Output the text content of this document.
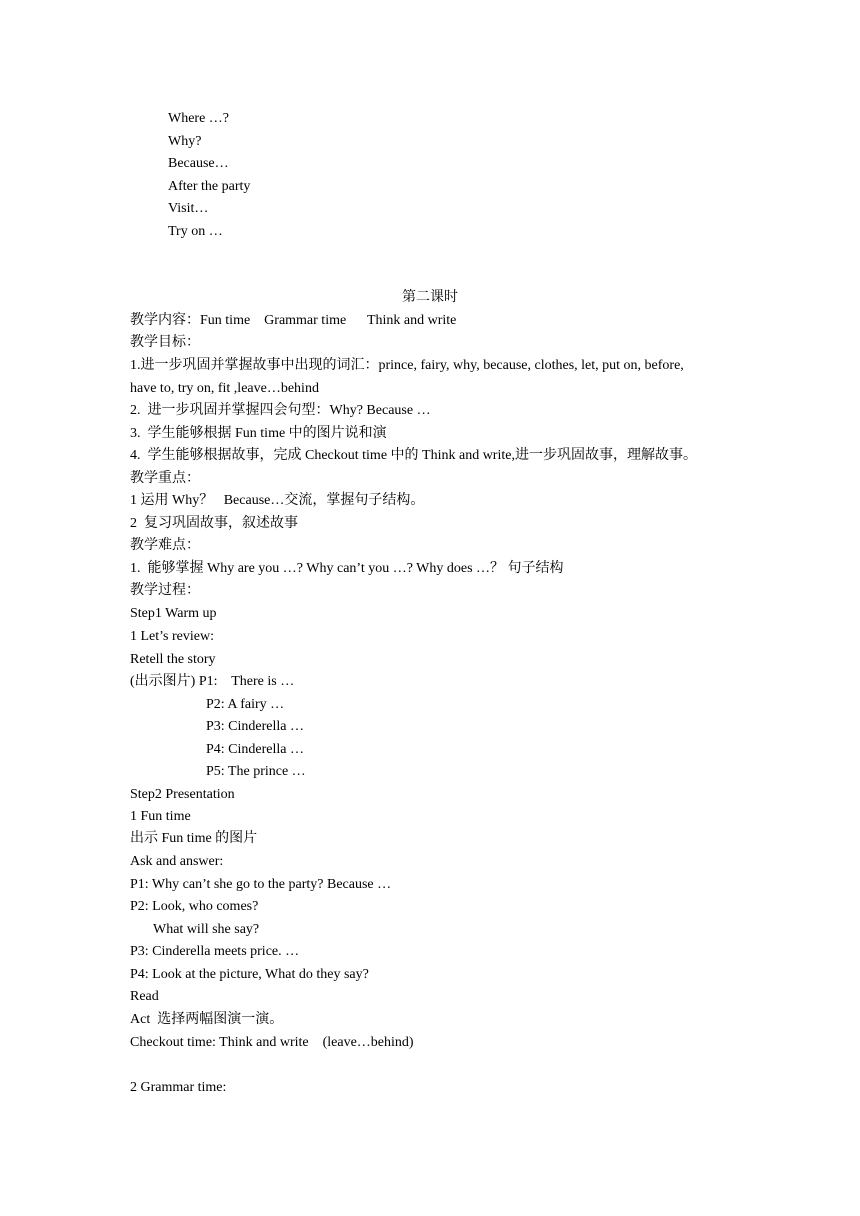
Where …?
Why?
Because…
After the party
Visit…
Try on …
第二课时
教学内容：Fun time    Grammar time      Think and write
教学目标：
1.进一步巩固并掌握故事中出现的词汇：prince, fairy, why, because, clothes, let, put on, before,
have to, try on, fit ,leave…behind
2.  进一步巩固并掌握四会句型：Why? Because …
3.  学生能够根据 Fun time 中的图片说和演
4.  学生能够根据故事，完成 Checkout time 中的 Think and write,进一步巩固故事，理解故事。
教学重点：
1 运用 Why？   Because…交流，掌握句子结构。
2  复习巩固故事，叙述故事
教学难点：
1.  能够掌握 Why are you …? Why can’t you …? Why does …？ 句子结构
教学过程：
Step1 Warm up
1 Let’s review:
Retell the story
(出示图片) P1:    There is …
P2: A fairy …
P3: Cinderella …
P4: Cinderella …
P5: The prince …
Step2 Presentation
1 Fun time
出示 Fun time 的图片
Ask and answer:
P1: Why can’t she go to the party? Because …
P2: Look, who comes?
What will she say?
P3: Cinderella meets price. …
P4: Look at the picture, What do they say?
Read
Act  选择两幅图演一演。
Checkout time: Think and write    (leave…behind)
2 Grammar time:
